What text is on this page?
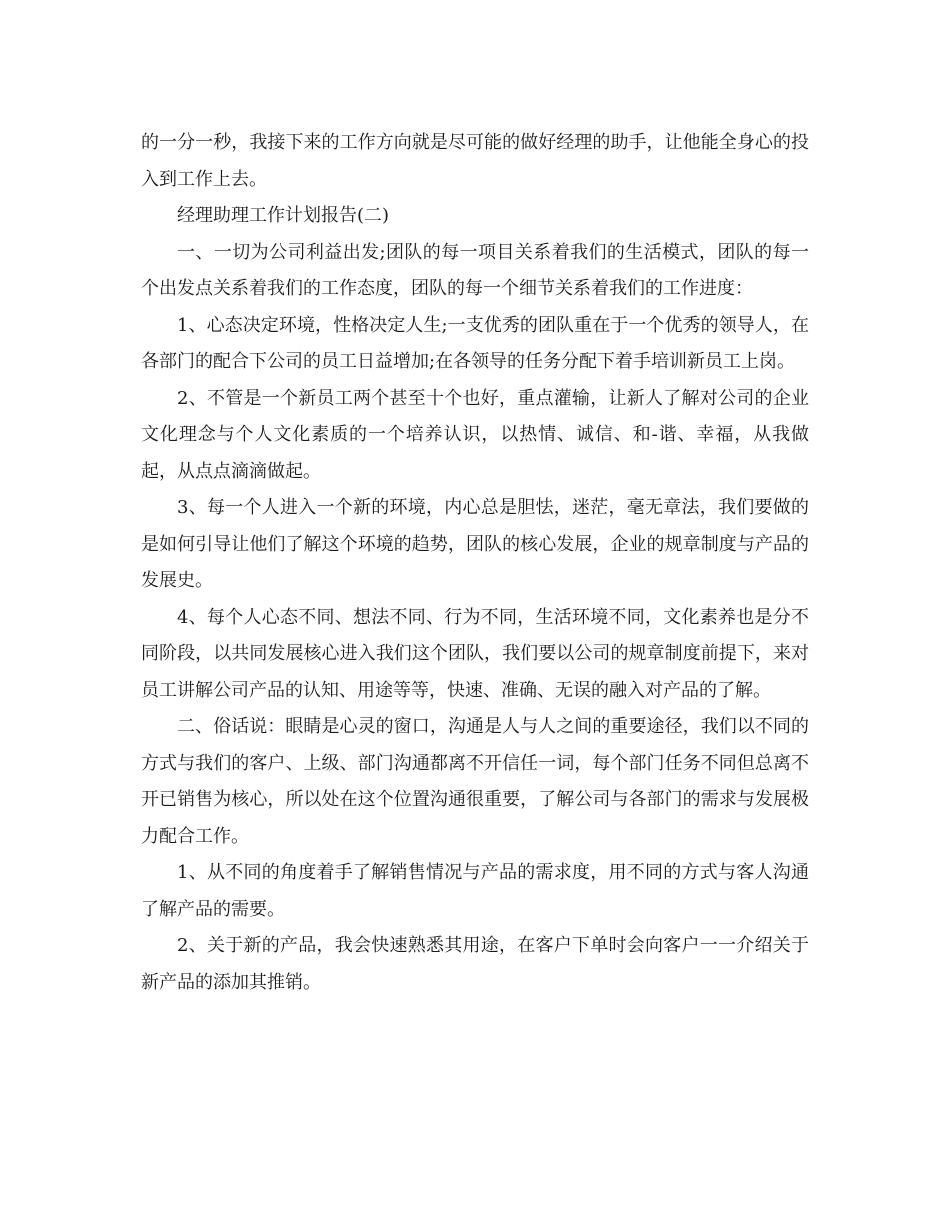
的一分一秒，我接下来的工作方向就是尽可能的做好经理的助手，让他能全身心的投入到工作上去。

经理助理工作计划报告(二)

一、一切为公司利益出发;团队的每一项目关系着我们的生活模式，团队的每一个出发点关系着我们的工作态度，团队的每一个细节关系着我们的工作进度：

1、心态决定环境，性格决定人生;一支优秀的团队重在于一个优秀的领导人，在各部门的配合下公司的员工日益增加;在各领导的任务分配下着手培训新员工上岗。

2、不管是一个新员工两个甚至十个也好，重点灌输，让新人了解对公司的企业文化理念与个人文化素质的一个培养认识，以热情、诚信、和-谐、幸福，从我做起，从点点滴滴做起。

3、每一个人进入一个新的环境，内心总是胆怯，迷茫，毫无章法，我们要做的是如何引导让他们了解这个环境的趋势，团队的核心发展，企业的规章制度与产品的发展史。

4、每个人心态不同、想法不同、行为不同，生活环境不同，文化素养也是分不同阶段，以共同发展核心进入我们这个团队，我们要以公司的规章制度前提下，来对员工讲解公司产品的认知、用途等等，快速、准确、无误的融入对产品的了解。

二、俗话说：眼睛是心灵的窗口，沟通是人与人之间的重要途径，我们以不同的方式与我们的客户、上级、部门沟通都离不开信任一词，每个部门任务不同但总离不开已销售为核心，所以处在这个位置沟通很重要，了解公司与各部门的需求与发展极力配合工作。

1、从不同的角度着手了解销售情况与产品的需求度，用不同的方式与客人沟通了解产品的需要。

2、关于新的产品，我会快速熟悉其用途，在客户下单时会向客户一一介绍关于新产品的添加其推销。
